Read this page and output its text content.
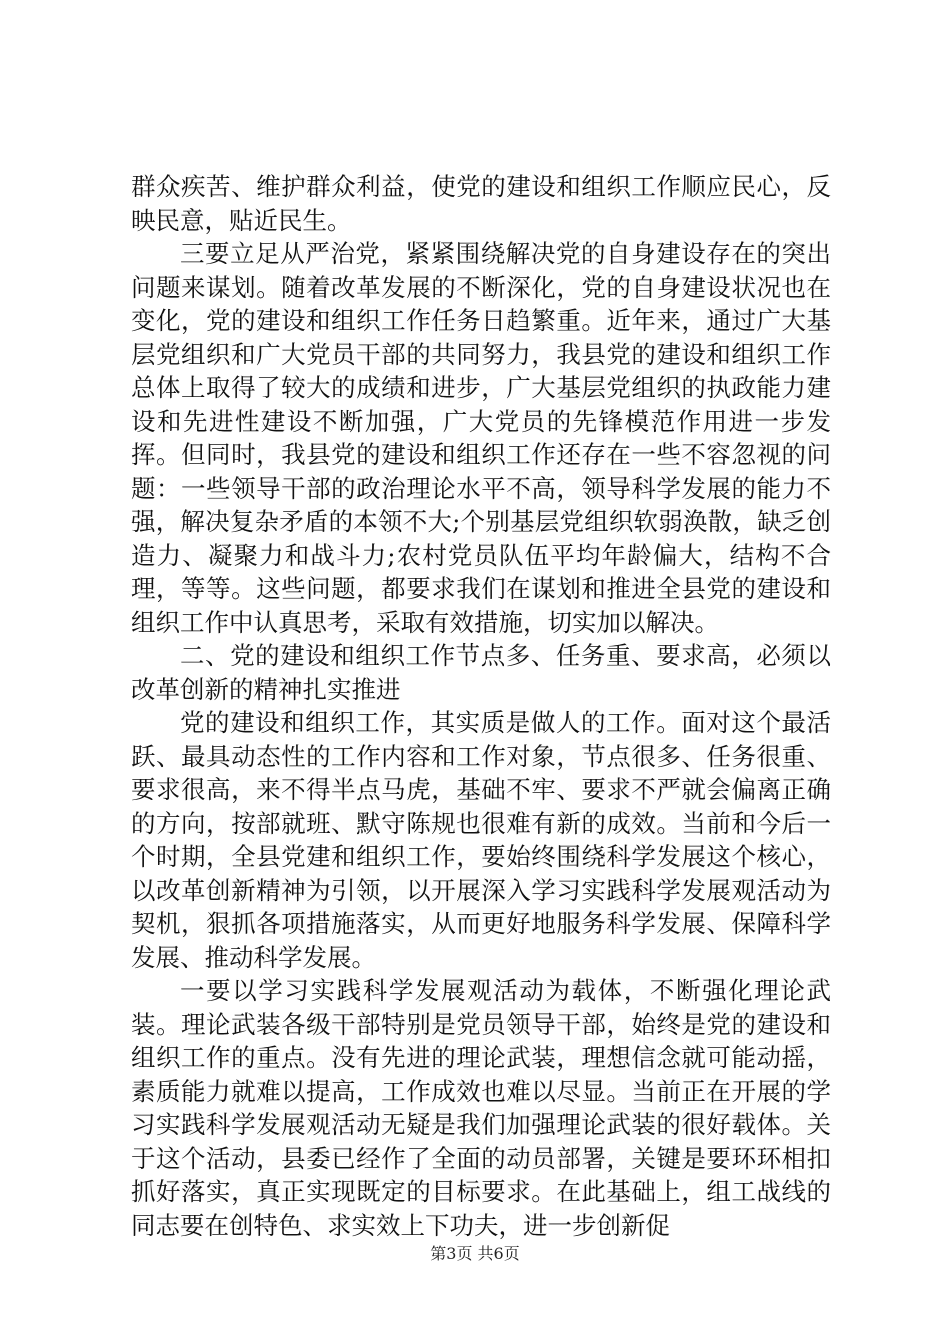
群众疾苦、维护群众利益，使党的建设和组织工作顺应民心，反映民意，贴近民生。

三要立足从严治党，紧紧围绕解决党的自身建设存在的突出问题来谋划。随着改革发展的不断深化，党的自身建设状况也在变化，党的建设和组织工作任务日趋繁重。近年来，通过广大基层党组织和广大党员干部的共同努力，我县党的建设和组织工作总体上取得了较大的成绩和进步，广大基层党组织的执政能力建设和先进性建设不断加强，广大党员的先锋模范作用进一步发挥。但同时，我县党的建设和组织工作还存在一些不容忽视的问题：一些领导干部的政治理论水平不高，领导科学发展的能力不强，解决复杂矛盾的本领不大;个别基层党组织软弱涣散，缺乏创造力、凝聚力和战斗力;农村党员队伍平均年龄偏大，结构不合理，等等。这些问题，都要求我们在谋划和推进全县党的建设和组织工作中认真思考，采取有效措施，切实加以解决。

二、党的建设和组织工作节点多、任务重、要求高，必须以改革创新的精神扎实推进

党的建设和组织工作，其实质是做人的工作。面对这个最活跃、最具动态性的工作内容和工作对象，节点很多、任务很重、要求很高，来不得半点马虎，基础不牢、要求不严就会偏离正确的方向，按部就班、默守陈规也很难有新的成效。当前和今后一个时期，全县党建和组织工作，要始终围绕科学发展这个核心，以改革创新精神为引领，以开展深入学习实践科学发展观活动为契机，狠抓各项措施落实，从而更好地服务科学发展、保障科学发展、推动科学发展。

一要以学习实践科学发展观活动为载体，不断强化理论武装。理论武装各级干部特别是党员领导干部，始终是党的建设和组织工作的重点。没有先进的理论武装，理想信念就可能动摇，素质能力就难以提高，工作成效也难以尽显。当前正在开展的学习实践科学发展观活动无疑是我们加强理论武装的很好载体。关于这个活动，县委已经作了全面的动员部署，关键是要环环相扣抓好落实，真正实现既定的目标要求。在此基础上，组工战线的同志要在创特色、求实效上下功夫，进一步创新促

第3页 共6页
